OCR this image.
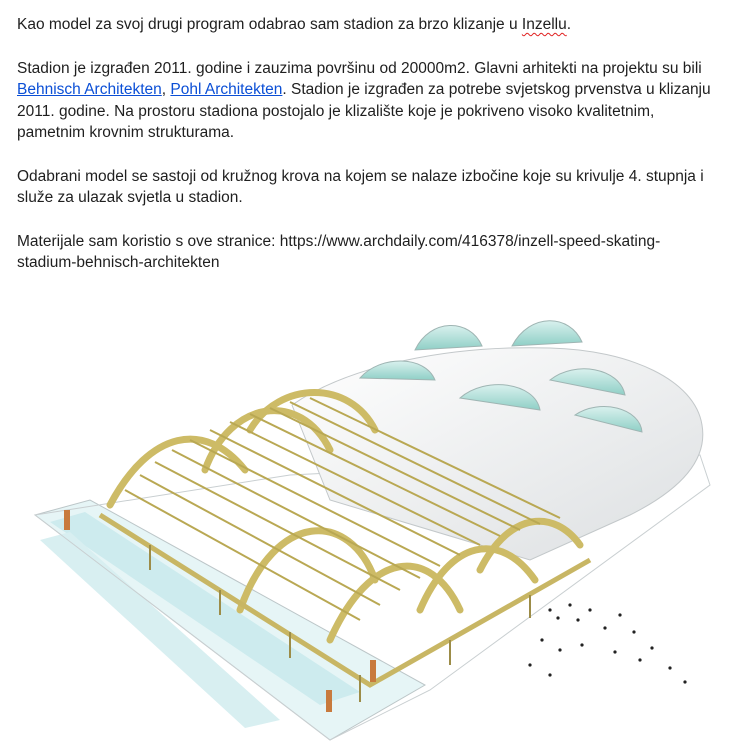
Kao model za svoj drugi program odabrao sam stadion za brzo klizanje u Inzellu.

Stadion je izgrađen 2011. godine i zauzima površinu od 20000m2. Glavni arhitekti na projektu su bili Behnisch Architekten, Pohl Architekten. Stadion je izgrađen za potrebe svjetskog prvenstva u klizanju 2011. godine. Na prostoru stadiona postojalo je klizalište koje je pokriveno visoko kvalitetnim, pametnim krovnim strukturama.

Odabrani model se sastoji od kružnog krova na kojem se nalaze izbočine koje su krivulje 4. stupnja i služe za ulazak svjetla u stadion.

Materijale sam koristio s ove stranice: https://www.archdaily.com/416378/inzell-speed-skating-stadium-behnisch-architekten
